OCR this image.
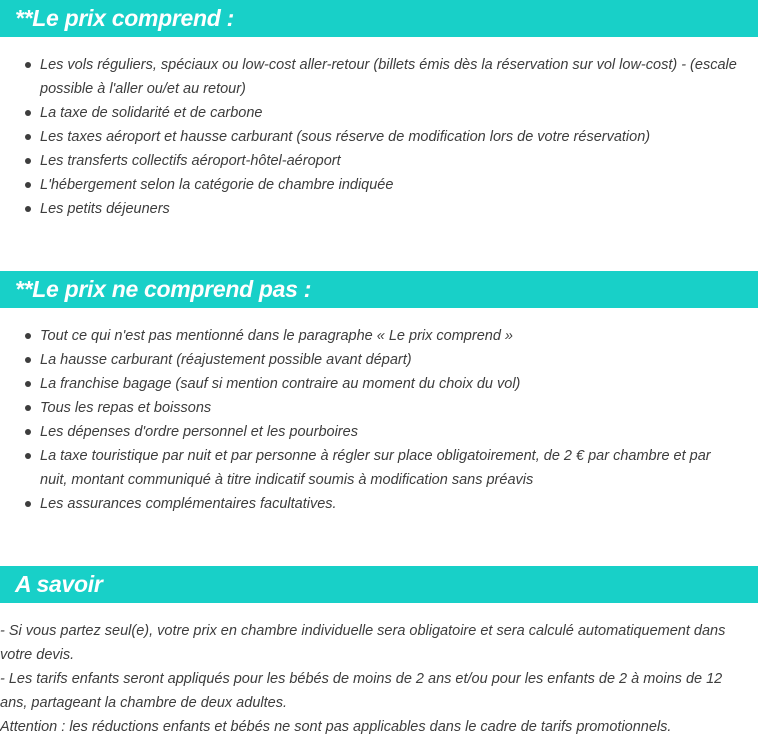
**Le prix comprend :
Les vols réguliers, spéciaux ou low-cost aller-retour (billets émis dès la réservation sur vol low-cost) - (escale possible à l'aller ou/et au retour)
La taxe de solidarité et de carbone
Les taxes aéroport et hausse carburant (sous réserve de modification lors de votre réservation)
Les transferts collectifs aéroport-hôtel-aéroport
L'hébergement selon la catégorie de chambre indiquée
Les petits déjeuners
**Le prix ne comprend pas :
Tout ce qui n'est pas mentionné dans le paragraphe « Le prix comprend »
La hausse carburant (réajustement possible avant départ)
La franchise bagage (sauf si mention contraire au moment du choix du vol)
Tous les repas et boissons
Les dépenses d'ordre personnel et les pourboires
La taxe touristique par nuit et par personne à régler sur place obligatoirement, de 2 € par chambre et par nuit, montant communiqué à titre indicatif soumis à modification sans préavis
Les assurances complémentaires facultatives.
A savoir

- Si vous partez seul(e), votre prix en chambre individuelle sera obligatoire et sera calculé automatiquement dans votre devis.

- Les tarifs enfants seront appliqués pour les bébés de moins de 2 ans et/ou pour les enfants de 2 à moins de 12 ans, partageant la chambre de deux adultes.

Attention : les réductions enfants et bébés ne sont pas applicables dans le cadre de tarifs promotionnels.
